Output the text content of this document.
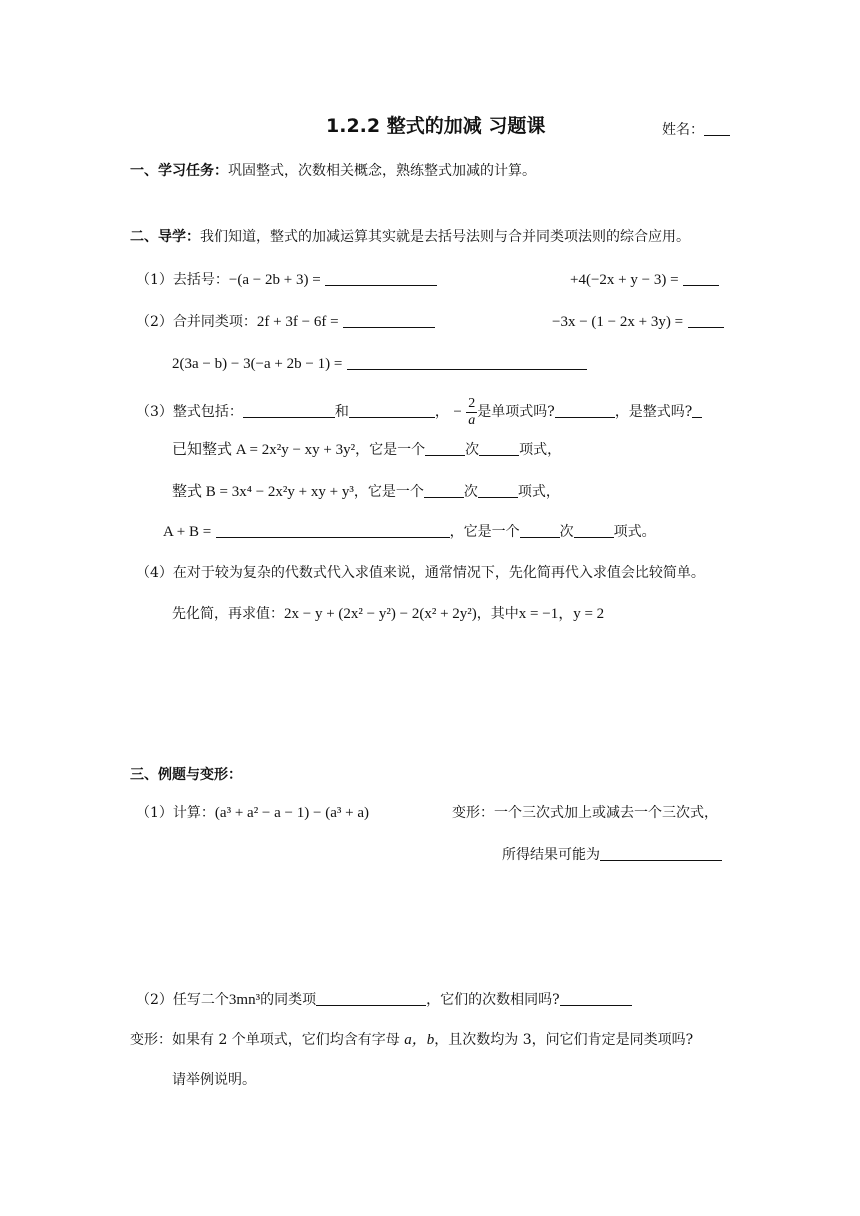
1.2.2 整式的加减 习题课	姓名：
一、学习任务：巩固整式，次数相关概念，熟练整式加减的计算。
二、导学：我们知道，整式的加减运算其实就是去括号法则与合并同类项法则的综合应用。
（1）去括号：−(a − 2b + 3) =	+4(−2x + y − 3) =
（2）合并同类项：2f + 3f − 6f =	−3x − (1 − 2x + 3y) =
2(3a − b) − 3(−a + 2b − 1) =
（3）整式包括：	和	， − $\frac{2}{a}$ 是单项式吗?	，是整式吗?
已知整式 A = 2x²y − xy + 3y²，它是一个	次	项式，
整式 B = 3x⁴ − 2x²y + xy + y³，它是一个	次	项式，
A + B =	，它是一个	次	项式。
（4）在对于较为复杂的代数式代入求值来说，通常情况下，先化简再代入求值会比较简单。
先化简，再求值：2x − y + (2x² − y²) − 2(x² + 2y²)，其中x = −1，y = 2
三、例题与变形：
（1）计算：(a³ + a² − a − 1) − (a³ + a)	变形：一个三次式加上或减去一个三次式，
所得结果可能为
（2）任写二个3mn³的同类项	，它们的次数相同吗?
变形：如果有 2 个单项式，它们均含有字母 a，b，且次数均为 3，问它们肯定是同类项吗?
请举例说明。
